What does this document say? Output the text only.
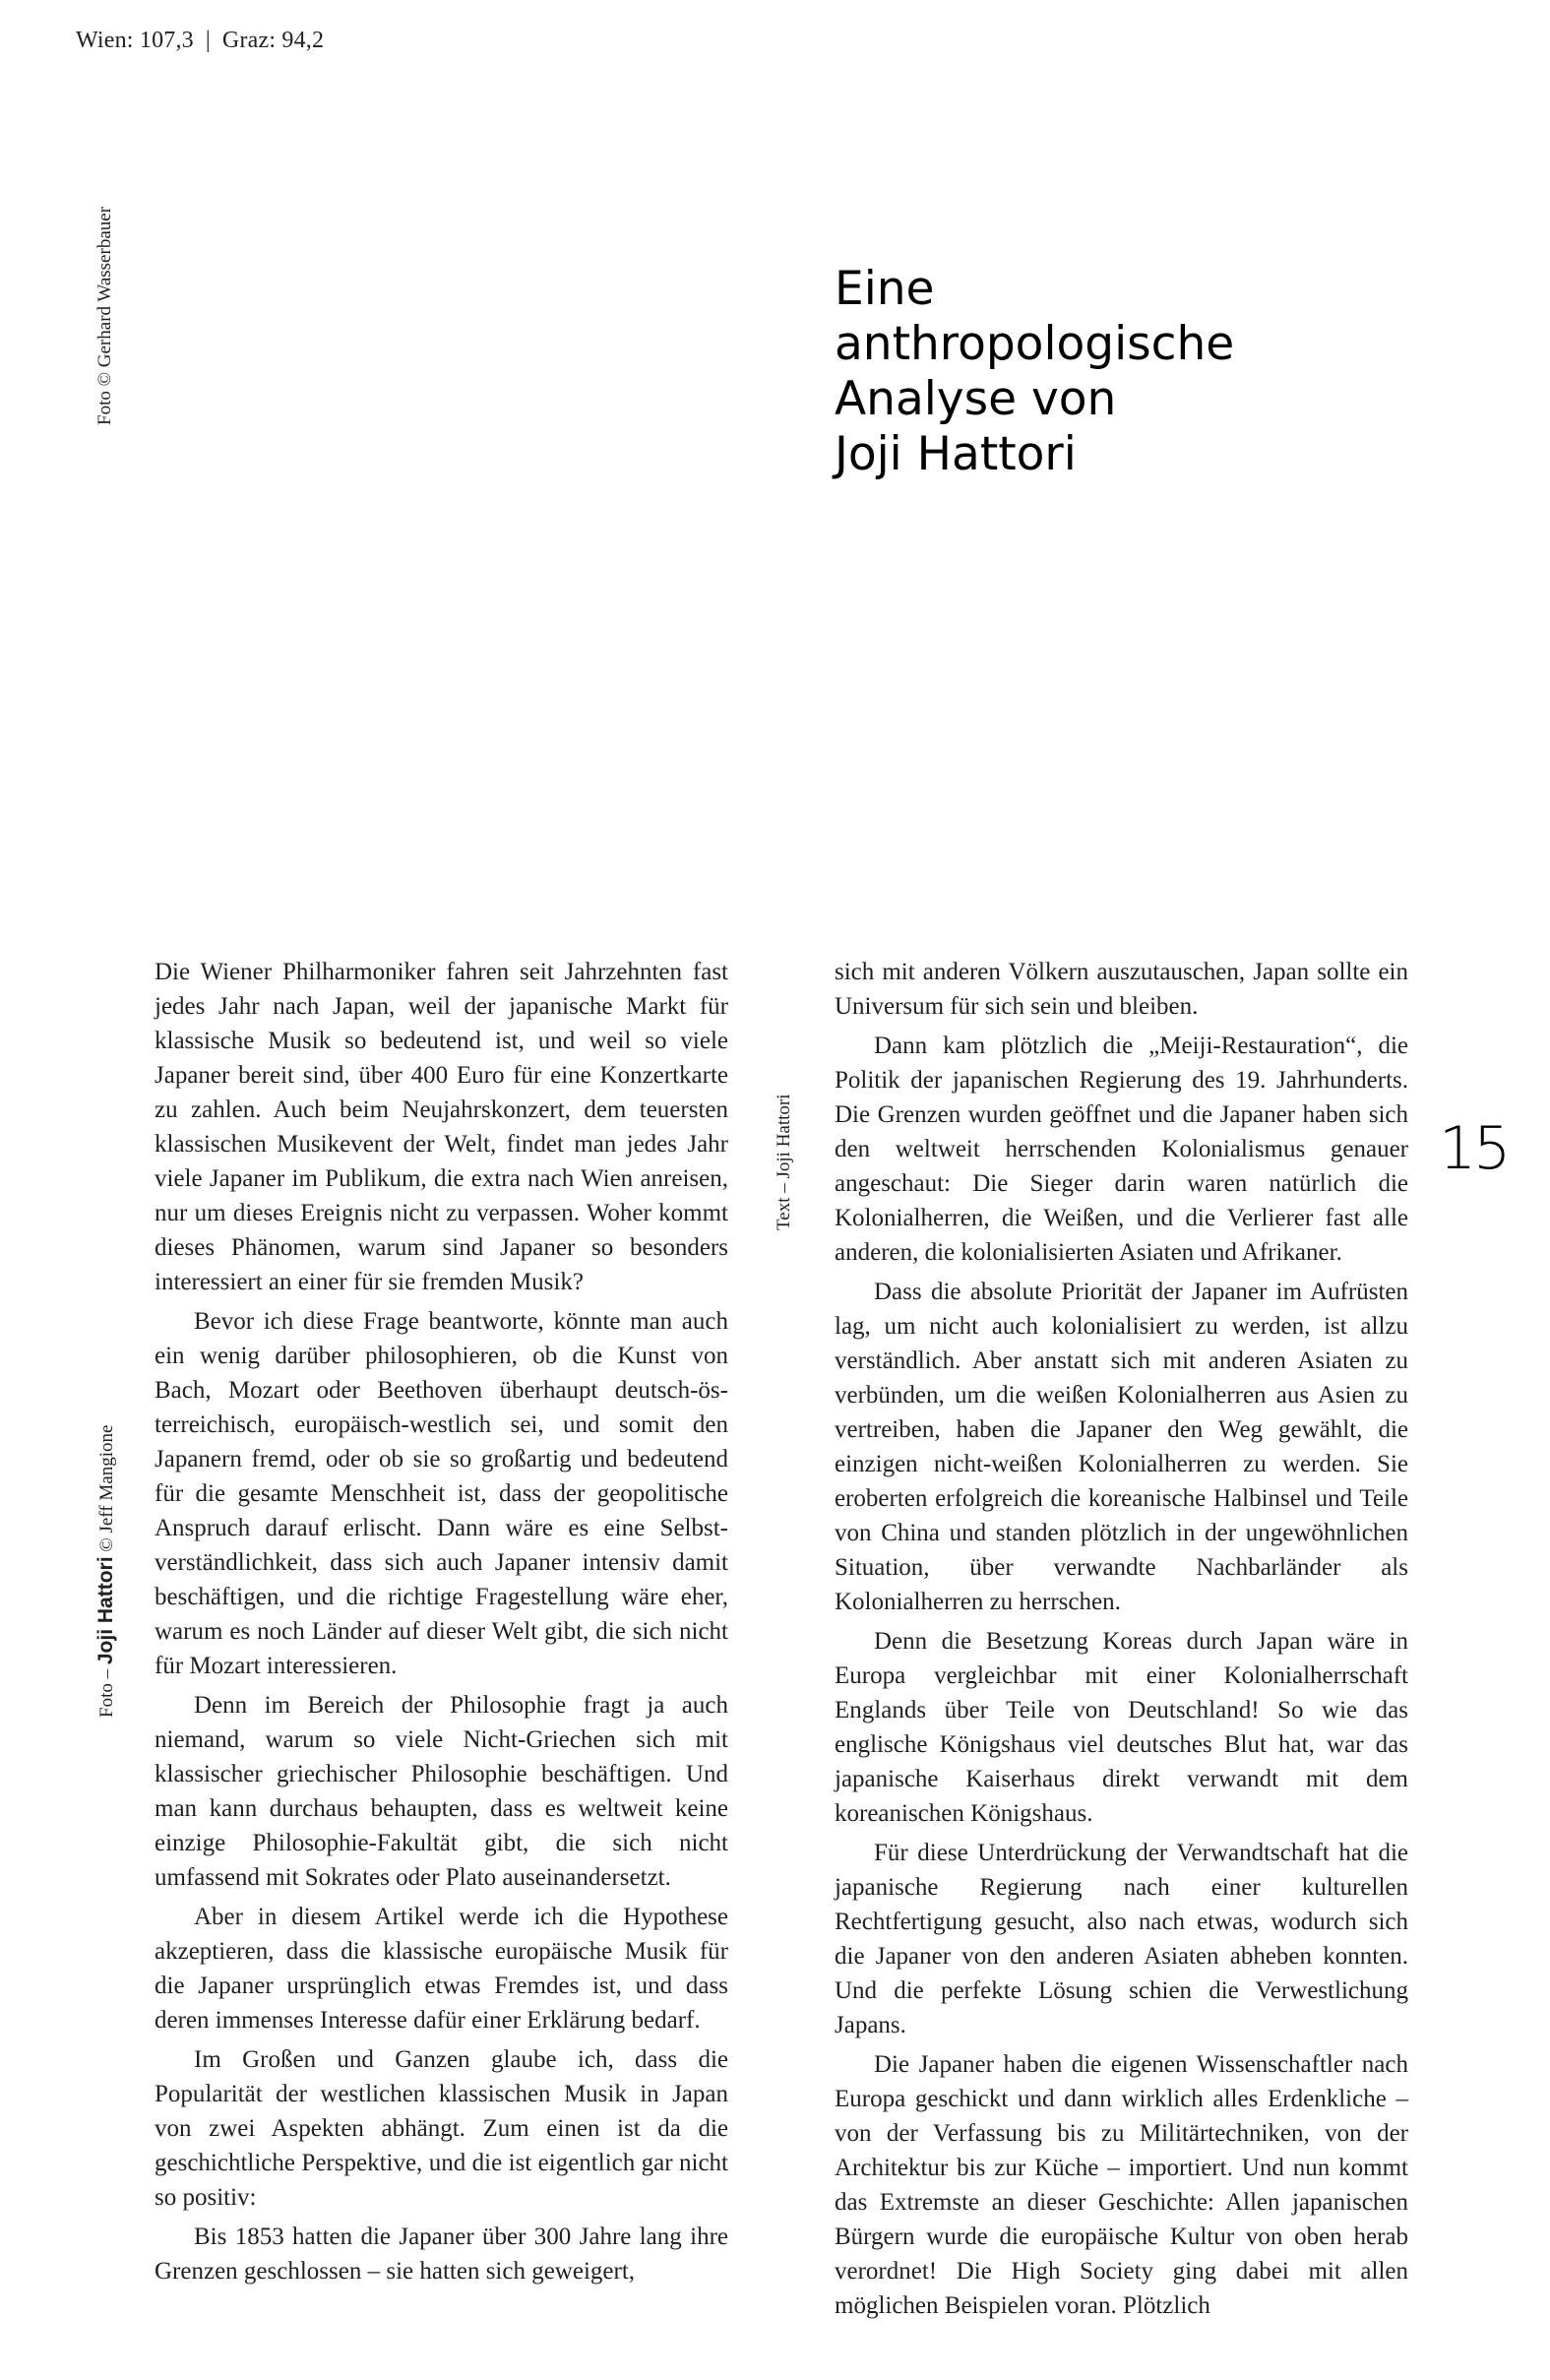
Wien: 107,3 | Graz: 94,2
Foto © Gerhard Wasserbauer
Foto – Joji Hattori © Jeff Mangione
Text – Joji Hattori
Eine
anthropologische
Analyse von
Joji Hattori
15

Die Wiener Philharmoniker fahren seit Jahrzehnten fast jedes Jahr nach Japan, weil der japanische Markt für klassische Musik so bedeutend ist, und weil so viele Japaner bereit sind, über 400 Euro für eine Konzertkarte zu zahlen. Auch beim Neujahrskonzert, dem teuersten klassischen Musikevent der Welt, findet man jedes Jahr viele Japaner im Publikum, die extra nach Wien anreisen, nur um dieses Ereignis nicht zu verpassen. Woher kommt dieses Phänomen, warum sind Japaner so besonders interessiert an einer für sie fremden Musik?

Bevor ich diese Frage beantworte, könnte man auch ein wenig darüber philosophieren, ob die Kunst von Bach, Mozart oder Beethoven überhaupt deutsch-österreichisch, europäisch-westlich sei, und somit den Japanern fremd, oder ob sie so großartig und bedeutend für die gesamte Menschheit ist, dass der geopolitische Anspruch darauf erlischt. Dann wäre es eine Selbstverständlichkeit, dass sich auch Japaner intensiv damit beschäftigen, und die richtige Fragestellung wäre eher, warum es noch Länder auf dieser Welt gibt, die sich nicht für Mozart interessieren.

Denn im Bereich der Philosophie fragt ja auch niemand, warum so viele Nicht-Griechen sich mit klassischer griechischer Philosophie beschäftigen. Und man kann durchaus behaupten, dass es weltweit keine einzige Philosophie-Fakultät gibt, die sich nicht umfassend mit Sokrates oder Plato auseinandersetzt.

Aber in diesem Artikel werde ich die Hypothese akzeptieren, dass die klassische europäische Musik für die Japaner ursprünglich etwas Fremdes ist, und dass deren immenses Interesse dafür einer Erklärung bedarf.

Im Großen und Ganzen glaube ich, dass die Popularität der westlichen klassischen Musik in Japan von zwei Aspekten abhängt. Zum einen ist da die geschichtliche Perspektive, und die ist eigentlich gar nicht so positiv:

Bis 1853 hatten die Japaner über 300 Jahre lang ihre Grenzen geschlossen – sie hatten sich geweigert,

sich mit anderen Völkern auszutauschen, Japan sollte ein Universum für sich sein und bleiben.

Dann kam plötzlich die „Meiji-Restauration“, die Politik der japanischen Regierung des 19. Jahrhunderts. Die Grenzen wurden geöffnet und die Japaner haben sich den weltweit herrschenden Kolonialismus genauer angeschaut: Die Sieger darin waren natürlich die Kolonialherren, die Weißen, und die Verlierer fast alle anderen, die kolonialisierten Asiaten und Afrikaner.

Dass die absolute Priorität der Japaner im Aufrüsten lag, um nicht auch kolonialisiert zu werden, ist allzu verständlich. Aber anstatt sich mit anderen Asiaten zu verbünden, um die weißen Kolonialherren aus Asien zu vertreiben, haben die Japaner den Weg gewählt, die einzigen nicht-weißen Kolonialherren zu werden. Sie eroberten erfolgreich die koreanische Halbinsel und Teile von China und standen plötzlich in der ungewöhnlichen Situation, über verwandte Nachbarländer als Kolonialherren zu herrschen.

Denn die Besetzung Koreas durch Japan wäre in Europa vergleichbar mit einer Kolonialherrschaft Englands über Teile von Deutschland! So wie das englische Königshaus viel deutsches Blut hat, war das japanische Kaiserhaus direkt verwandt mit dem koreanischen Königshaus.

Für diese Unterdrückung der Verwandtschaft hat die japanische Regierung nach einer kulturellen Rechtfertigung gesucht, also nach etwas, wodurch sich die Japaner von den anderen Asiaten abheben konnten. Und die perfekte Lösung schien die Verwestlichung Japans.

Die Japaner haben die eigenen Wissenschaftler nach Europa geschickt und dann wirklich alles Erdenkliche – von der Verfassung bis zu Militärtechniken, von der Architektur bis zur Küche – importiert. Und nun kommt das Extremste an dieser Geschichte: Allen japanischen Bürgern wurde die europäische Kultur von oben herab verordnet! Die High Society ging dabei mit allen möglichen Beispielen voran. Plötzlich
